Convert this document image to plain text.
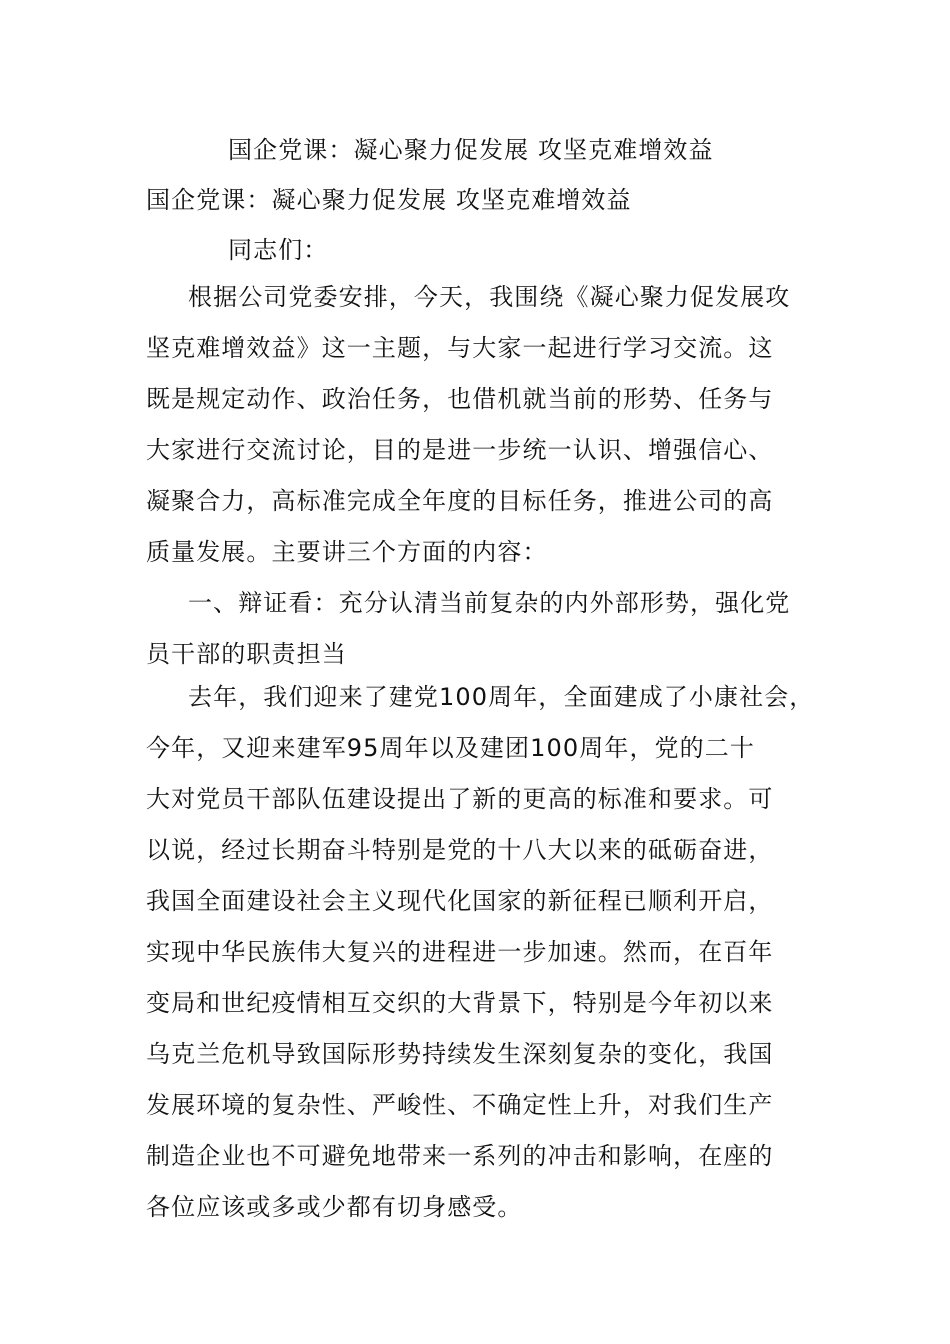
国企党课：凝心聚力促发展 攻坚克难增效益
国企党课：凝心聚力促发展 攻坚克难增效益
同志们：
根据公司党委安排，今天，我围绕《凝心聚力促发展攻
坚克难增效益》这一主题，与大家一起进行学习交流。这
既是规定动作、政治任务，也借机就当前的形势、任务与
大家进行交流讨论，目的是进一步统一认识、增强信心、
凝聚合力，高标准完成全年度的目标任务，推进公司的高
质量发展。主要讲三个方面的内容：
一、辩证看：充分认清当前复杂的内外部形势，强化党
员干部的职责担当
去年，我们迎来了建党100周年，全面建成了小康社会，
今年，又迎来建军95周年以及建团100周年，党的二十
大对党员干部队伍建设提出了新的更高的标准和要求。可
以说，经过长期奋斗特别是党的十八大以来的砥砺奋进，
我国全面建设社会主义现代化国家的新征程已顺利开启，
实现中华民族伟大复兴的进程进一步加速。然而，在百年
变局和世纪疫情相互交织的大背景下，特别是今年初以来
乌克兰危机导致国际形势持续发生深刻复杂的变化，我国
发展环境的复杂性、严峻性、不确定性上升，对我们生产
制造企业也不可避免地带来一系列的冲击和影响，在座的
各位应该或多或少都有切身感受。
